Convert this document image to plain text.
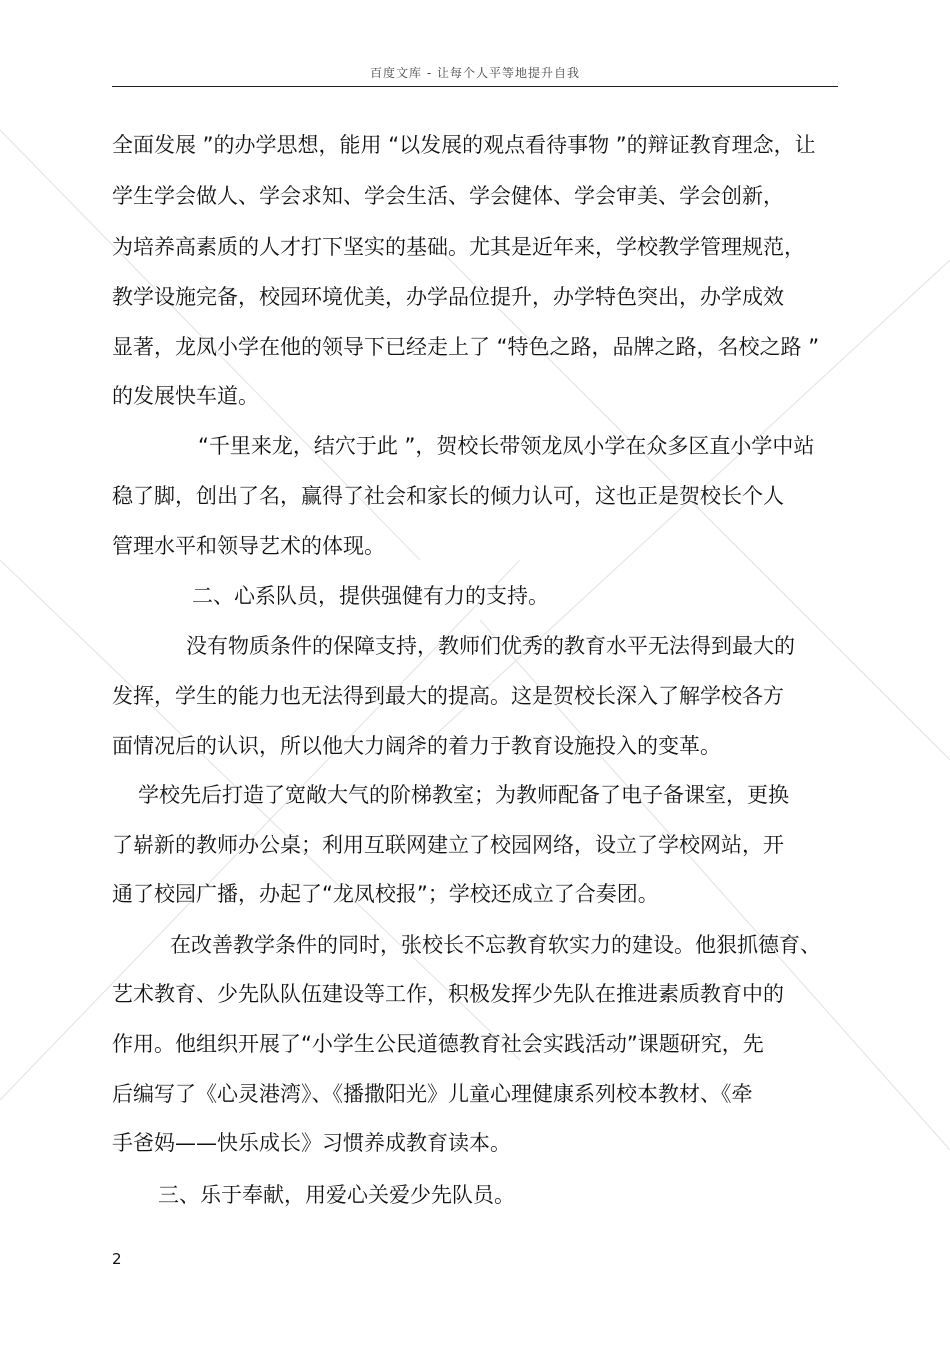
百度文库 - 让每个人平等地提升自我
全面发展 ”的办学思想，能用 “以发展的观点看待事物 ”的辩证教育理念，让
学生学会做人、学会求知、学会生活、学会健体、学会审美、学会创新，
为培养高素质的人才打下坚实的基础。尤其是近年来，学校教学管理规范，
教学设施完备，校园环境优美，办学品位提升，办学特色突出，办学成效
显著，龙凤小学在他的领导下已经走上了 “特色之路，品牌之路，名校之路 ”
的发展快车道。
“千里来龙，结穴于此 ”，贺校长带领龙凤小学在众多区直小学中站
稳了脚，创出了名，赢得了社会和家长的倾力认可，这也正是贺校长个人
管理水平和领导艺术的体现。
二、心系队员，提供强健有力的支持。
没有物质条件的保障支持，教师们优秀的教育水平无法得到最大的
发挥，学生的能力也无法得到最大的提高。这是贺校长深入了解学校各方
面情况后的认识，所以他大力阔斧的着力于教育设施投入的变革。
学校先后打造了宽敞大气的阶梯教室；为教师配备了电子备课室，更换
了崭新的教师办公桌；利用互联网建立了校园网络，设立了学校网站，开
通了校园广播，办起了“龙凤校报”；学校还成立了合奏团。
在改善教学条件的同时，张校长不忘教育软实力的建设。他狠抓德育、
艺术教育、少先队队伍建设等工作，积极发挥少先队在推进素质教育中的
作用。他组织开展了“小学生公民道德教育社会实践活动”课题研究，先
后编写了《心灵港湾》、《播撒阳光》儿童心理健康系列校本教材、《牵
手爸妈——快乐成长》习惯养成教育读本。
三、乐于奉献，用爱心关爱少先队员。
2
